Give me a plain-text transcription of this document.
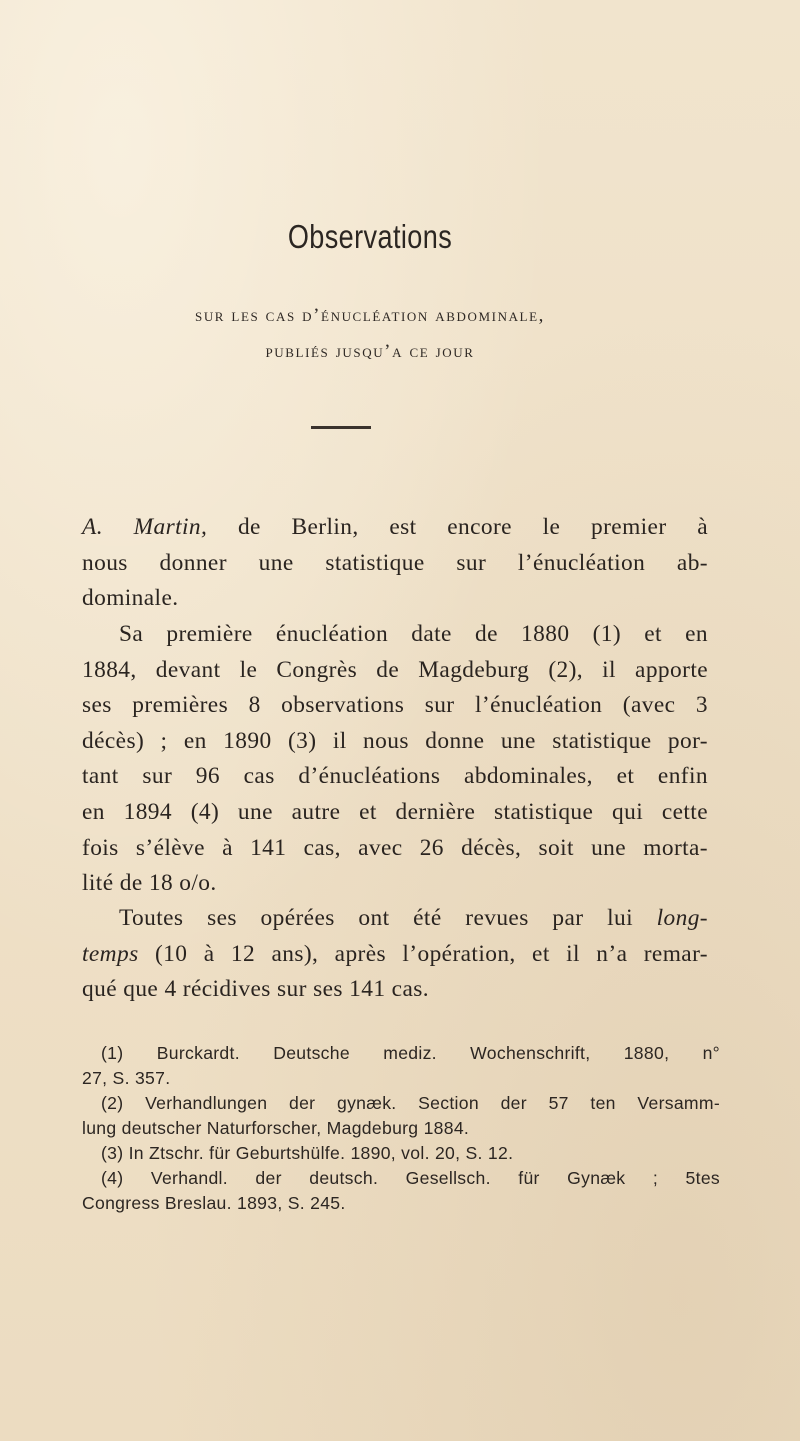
Observations
sur les cas d’énucléation abdominale,
publiés jusqu’a ce jour
A. Martin, de Berlin, est encore le premier à
nous donner une statistique sur l’énucléation ab-
dominale.
Sa première énucléation date de 1880 (1) et en
1884, devant le Congrès de Magdeburg (2), il apporte
ses premières 8 observations sur l’énucléation (avec 3
décès) ; en 1890 (3) il nous donne une statistique por-
tant sur 96 cas d’énucléations abdominales, et enfin
en 1894 (4) une autre et dernière statistique qui cette
fois s’élève à 141 cas, avec 26 décès, soit une morta-
lité de 18 o/o.
Toutes ses opérées ont été revues par lui long-
temps (10 à 12 ans), après l’opération, et il n’a remar-
qué que 4 récidives sur ses 141 cas.
(1) Burckardt. Deutsche mediz. Wochenschrift, 1880, n°
27, S. 357.
(2) Verhandlungen der gynæk. Section der 57 ten Versamm-
lung deutscher Naturforscher, Magdeburg 1884.
(3) In Ztschr. für Geburtshülfe. 1890, vol. 20, S. 12.
(4) Verhandl. der deutsch. Gesellsch. für Gynæk ; 5tes
Congress Breslau. 1893, S. 245.
